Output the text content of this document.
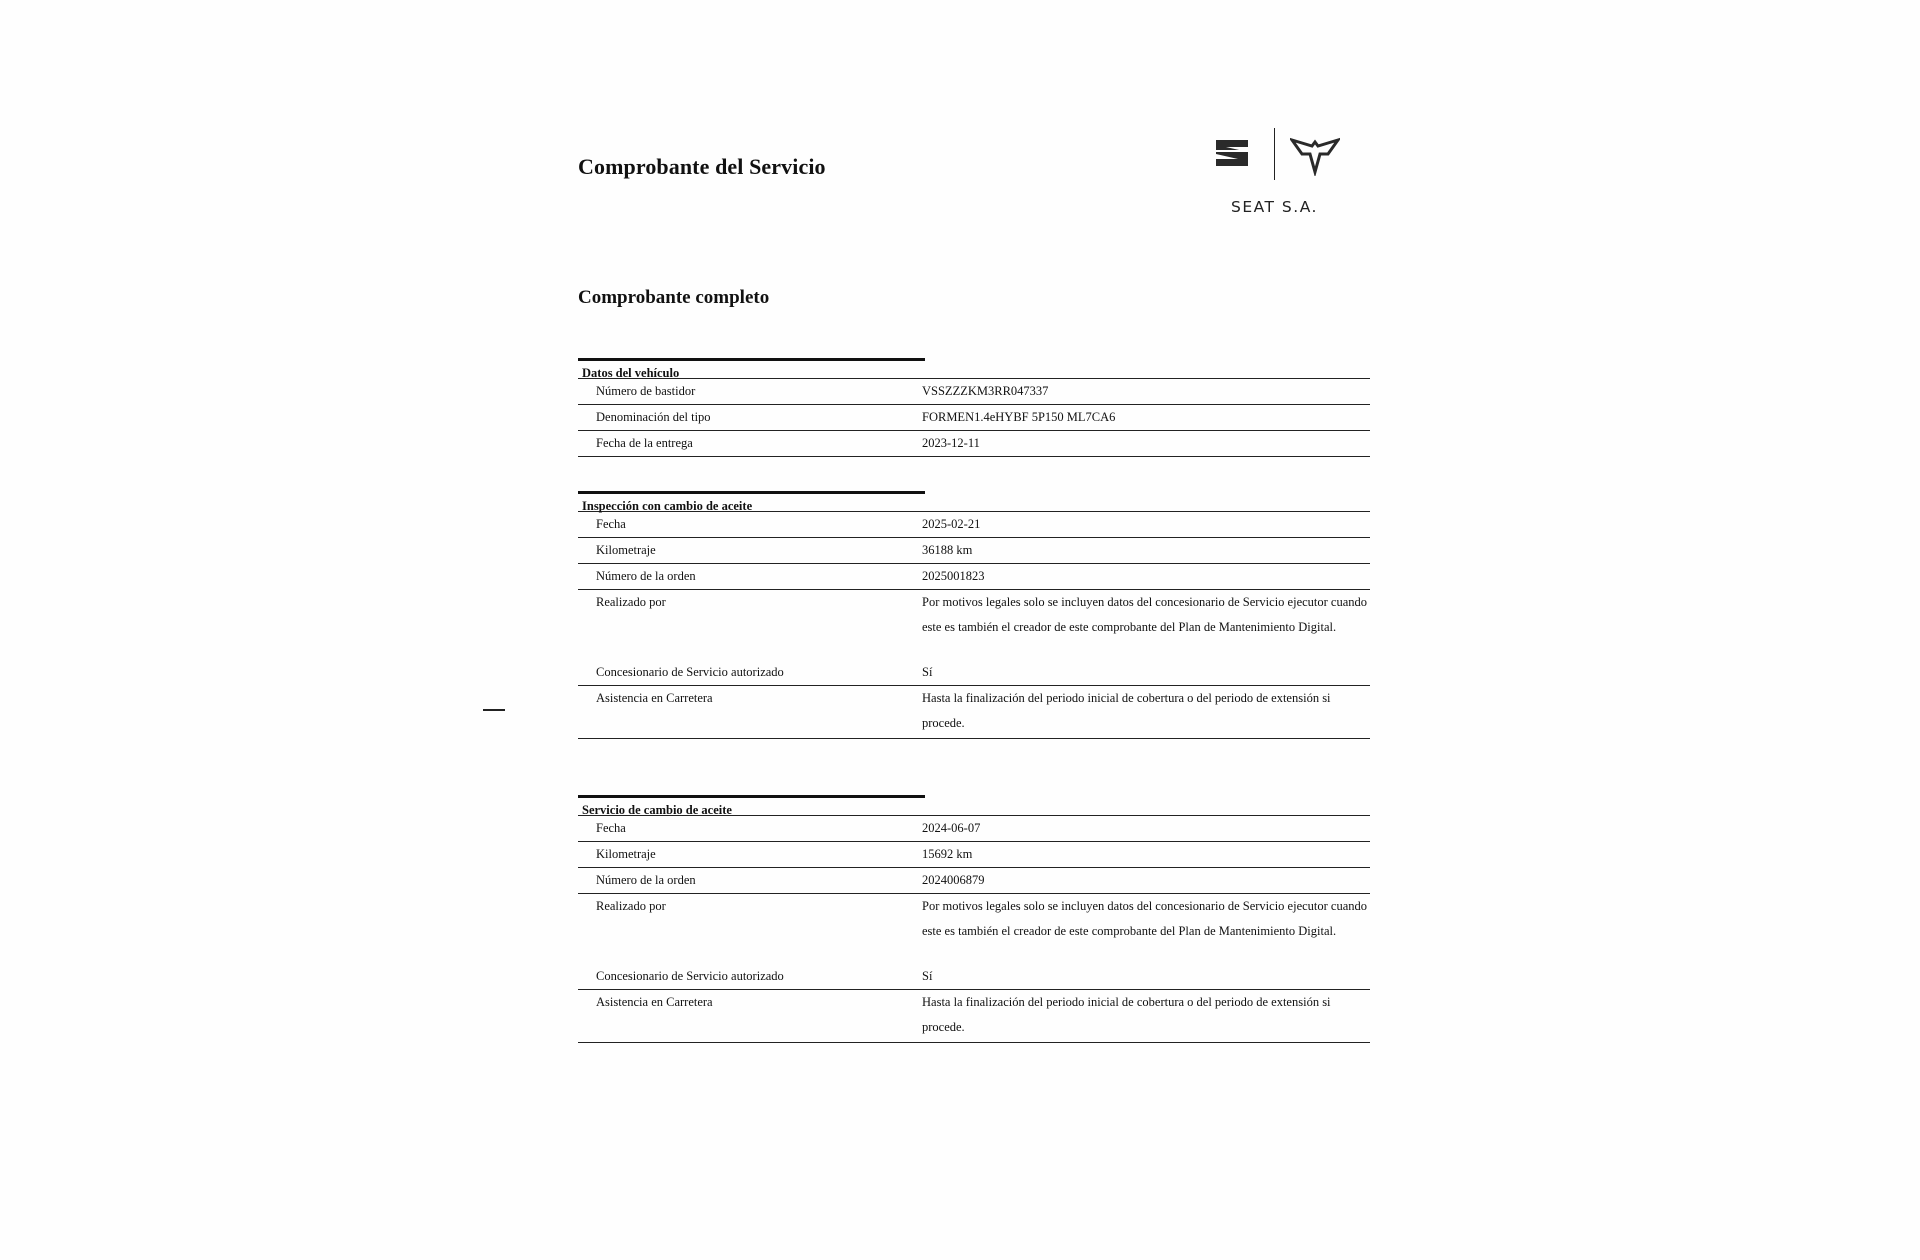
Comprobante del Servicio
SEAT S.A.
Comprobante completo
Datos del vehículo
Número de bastidor	VSSZZZKM3RR047337
Denominación del tipo	FORMEN1.4eHYBF 5P150 ML7CA6
Fecha de la entrega	2023-12-11
Inspección con cambio de aceite
Fecha	2025-02-21
Kilometraje	36188 km
Número de la orden	2025001823
Realizado por	Por motivos legales solo se incluyen datos del concesionario de Servicio ejecutor cuando este es también el creador de este comprobante del Plan de Mantenimiento Digital.
Concesionario de Servicio autorizado	Sí
Asistencia en Carretera	Hasta la finalización del periodo inicial de cobertura o del periodo de extensión si procede.
Servicio de cambio de aceite
Fecha	2024-06-07
Kilometraje	15692 km
Número de la orden	2024006879
Realizado por	Por motivos legales solo se incluyen datos del concesionario de Servicio ejecutor cuando este es también el creador de este comprobante del Plan de Mantenimiento Digital.
Concesionario de Servicio autorizado	Sí
Asistencia en Carretera	Hasta la finalización del periodo inicial de cobertura o del periodo de extensión si procede.
